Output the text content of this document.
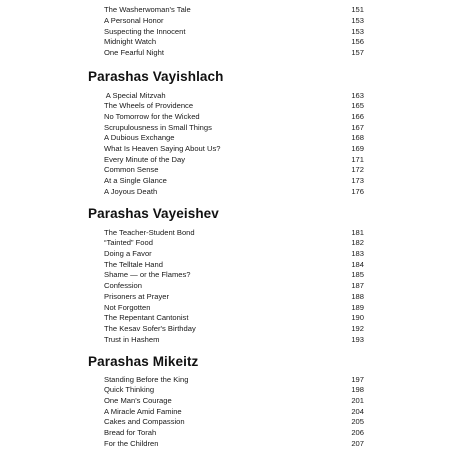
The Washerwoman's Tale	151
A Personal Honor	153
Suspecting the Innocent	153
Midnight Watch	156
One Fearful Night	157
Parashas Vayishlach
A Special Mitzvah	163
The Wheels of Providence	165
No Tomorrow for the Wicked	166
Scrupulousness in Small Things	167
A Dubious Exchange	168
What Is Heaven Saying About Us?	169
Every Minute of the Day	171
Common Sense	172
At a Single Glance	173
A Joyous Death	176
Parashas Vayeishev
The Teacher-Student Bond	181
“Tainted” Food	182
Doing a Favor	183
The Telltale Hand	184
Shame — or the Flames?	185
Confession	187
Prisoners at Prayer	188
Not Forgotten	189
The Repentant Cantonist	190
The Kesav Sofer's Birthday	192
Trust in Hashem	193
Parashas Mikeitz
Standing Before the King	197
Quick Thinking	198
One Man's Courage	201
A Miracle Amid Famine	204
Cakes and Compassion	205
Bread for Torah	206
For the Children	207
